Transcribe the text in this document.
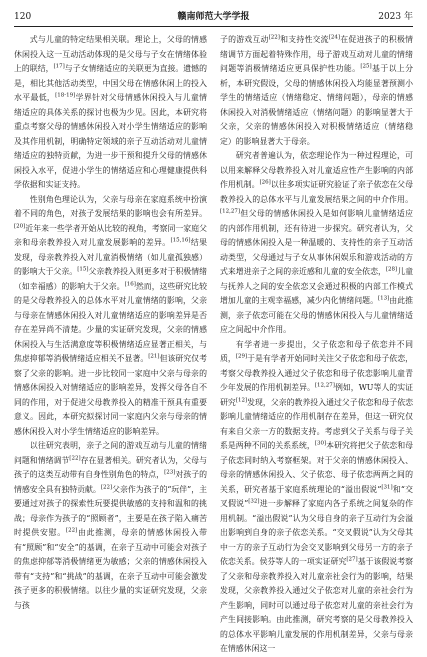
120	赣南师范大学学报	2023 年

式与儿童的特定结果相关联。理论上，父母的情感休闲投入这一互动活动体现的是父母与子女在情绪体验上的联结，[17]与子女情绪适应的关联更为直接。遗憾的是，相比其他活动类型，中国父母在情感休闲上的投入水平最低，[18-19]学界针对父母情感休闲投入与儿童情绪适应的具体关系的探讨也极为少见。因此，本研究将重点考察父母的情感休闲投入对小学生情绪适应的影响及其作用机制，明确特定领域的亲子互动活动对儿童情绪适应的独特贡献，为进一步干预和提升父母的情感休闲投入水平，促进小学生的情绪适应和心理健康提供科学依据和实证支持。

性别角色理论认为，父亲与母亲在家庭系统中扮演着不同的角色，对孩子发展结果的影响也会有所差异。[20]近年来一些学者开始从比较的视角，考察同一家庭父亲和母亲教养投入对儿童发展影响的差异。[15,16]结果发现，母亲教养投入对儿童消极情绪（如儿童孤独感）的影响大于父亲。[15]父亲教养投入则更多对于积极情绪（如幸福感）的影响大于父亲。[16]然而，这些研究比较的是父母教养投入的总体水平对儿童情绪的影响，父亲与母亲在情感休闲投入对儿童情绪适应的影响差异是否存在差异尚不清楚。少量的实证研究发现，父亲的情感休闲投入与生活满意度等积极情绪适应显著正相关，与焦虑抑郁等消极情绪适应相关不显著。[21]但该研究仅考察了父亲的影响。进一步比较同一家庭中父亲与母亲的情感休闲投入对情绪适应的影响差异，发挥父母各自不同的作用，对于促进父母教养投入的精准干预具有重要意义。因此，本研究拟探讨同一家庭内父亲与母亲的情感休闲投入对小学生情绪适应的影响差异。

以往研究表明，亲子之间的游戏互动与儿童的情绪问题和情绪调节[22]存在显著相关。研究者认为，父母与孩子的这类互动带有自身性别角色的特点，[23]对孩子的情感安全具有独特贡献。[22]父亲作为孩子的“玩伴”，主要通过对孩子的探索性玩要提供敏感的支持和温和的挑战；母亲作为孩子的“照顾者”，主要是在孩子陷入痛苦时提供安慰。[22]由此推测，母亲的情感休闲投入带有“照顾”和“安全”的基调，在亲子互动中可能会对孩子的焦虑抑郁等消极情绪更为敏感；父亲的情感休闲投入带有“支持”和“挑战”的基调，在亲子互动中可能会激发孩子更多的积极情绪。以往少量的实证研究发现，父亲与孩

子的游戏互动[22]和支持性交流[24]在促进孩子的积极情绪调节方面起着特殊作用，母子游戏互动对儿童的情绪问题等消极情绪适应更具保护性功能。[25]基于以上分析，本研究假设，父母的情感休闲投入均能显著预测小学生的情绪适应（情绪稳定、情绪问题），母亲的情感休闲投入对消极情绪适应（情绪问题）的影响显著大于父亲，父亲的情感休闲投入对积极情绪适应（情绪稳定）的影响显著大于母亲。

研究者普遍认为，依恋理论作为一种过程理论，可以用来解释父母教养投入对儿童适应性产生影响的内部作用机制。[26]以往多项实证研究验证了亲子依恋在父母教养投入的总体水平与儿童发展结果之间的中介作用。[12,27]但父母的情感休闲投入是如何影响儿童情绪适应的内部作用机制，还有待进一步探究。研究者认为，父母的情感休闲投入是一种温暖的、支持性的亲子互动活动类型，父母通过与子女从事休闲娱乐和游戏活动的方式来增进亲子之间的亲近感和儿童的安全依恋，[28]儿童与抚养人之间的安全依恋又会通过积极的内部工作模式增加儿童的主观幸福感，减少内化情绪问题。[13]由此推测，亲子依恋可能在父母的情感休闲投入与儿童情绪适应之间起中介作用。

有学者进一步提出，父子依恋和母子依恋并不同质，[29]于是有学者开始同时关注父子依恋和母子依恋，考察父母教养投入通过父子依恋和母子依恋影响儿童青少年发展的作用机制差异。[12,27]例如，WU等人的实证研究[12]发现，父亲的教养投入通过父子依恋和母子依恋影响儿童情绪适应的作用机制存在差异，但这一研究仅有来自父亲一方的数据支持。考虑到父子关系与母子关系是两种不同的关系系统，[30]本研究将把父子依恋和母子依恋同时纳入考察框架。对于父亲的情感休闲投入、母亲的情感休闲投入、父子依恋、母子依恋两两之间的关系，研究者基于家庭系统理论的“溢出假说”[31]和“交叉假说”[32]进一步解释了家庭内各子系统之间复杂的作用机制。“溢出假说”认为父母自身的亲子互动行为会溢出影响到自身的亲子依恋关系。“交叉假说”认为父母其中一方的亲子互动行为会交叉影响到父母另一方的亲子依恋关系。侯芬等人的一项实证研究[27]基于该假说考察了父亲和母亲教养投入对儿童亲社会行为的影响，结果发现，父亲教养投入通过父子依恋对儿童的亲社会行为产生影响，同时可以通过母子依恋对儿童的亲社会行为产生间接影响。由此推测，研究考察的是父母教养投入的总体水平影响儿童发展的作用机制差异，父亲与母亲在情感休闲这一
